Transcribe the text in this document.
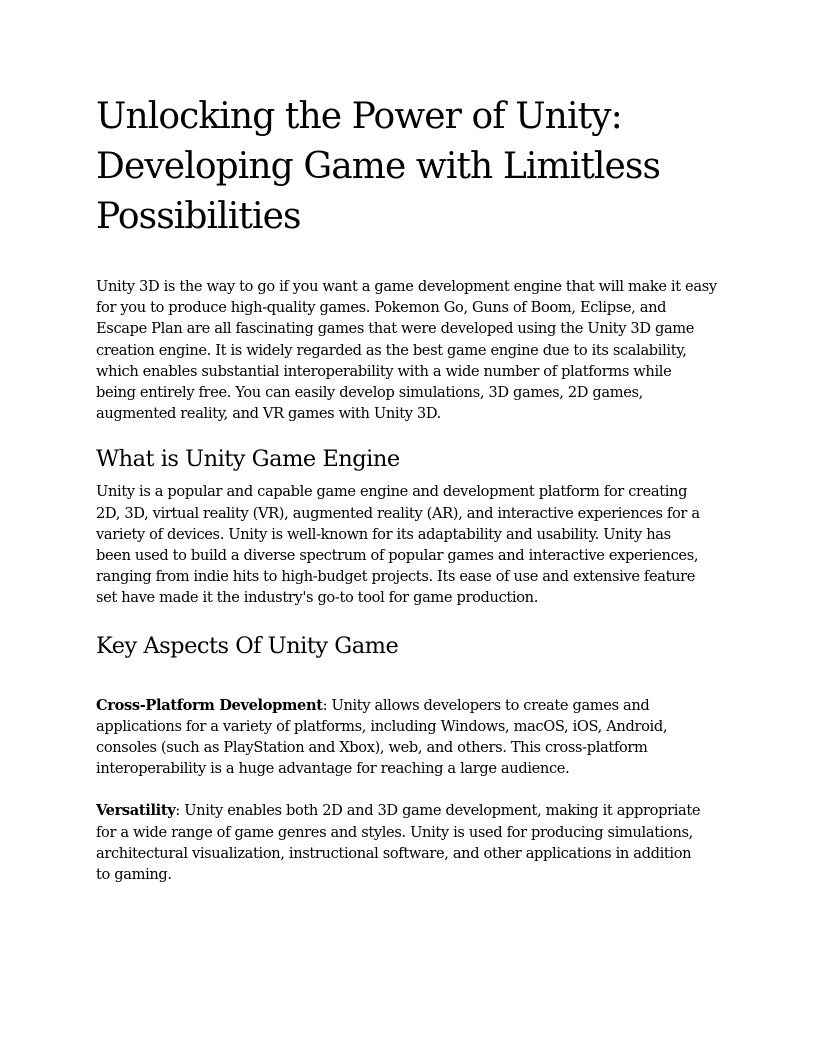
Unlocking the Power of Unity:
Developing Game with Limitless
Possibilities

Unity 3D is the way to go if you want a game development engine that will make it easy
for you to produce high-quality games. Pokemon Go, Guns of Boom, Eclipse, and
Escape Plan are all fascinating games that were developed using the Unity 3D game
creation engine. It is widely regarded as the best game engine due to its scalability,
which enables substantial interoperability with a wide number of platforms while
being entirely free. You can easily develop simulations, 3D games, 2D games,
augmented reality, and VR games with Unity 3D.

What is Unity Game Engine

Unity is a popular and capable game engine and development platform for creating
2D, 3D, virtual reality (VR), augmented reality (AR), and interactive experiences for a
variety of devices. Unity is well-known for its adaptability and usability. Unity has
been used to build a diverse spectrum of popular games and interactive experiences,
ranging from indie hits to high-budget projects. Its ease of use and extensive feature
set have made it the industry's go-to tool for game production.

Key Aspects Of Unity Game

Cross-Platform Development: Unity allows developers to create games and
applications for a variety of platforms, including Windows, macOS, iOS, Android,
consoles (such as PlayStation and Xbox), web, and others. This cross-platform
interoperability is a huge advantage for reaching a large audience.

Versatility: Unity enables both 2D and 3D game development, making it appropriate
for a wide range of game genres and styles. Unity is used for producing simulations,
architectural visualization, instructional software, and other applications in addition
to gaming.
